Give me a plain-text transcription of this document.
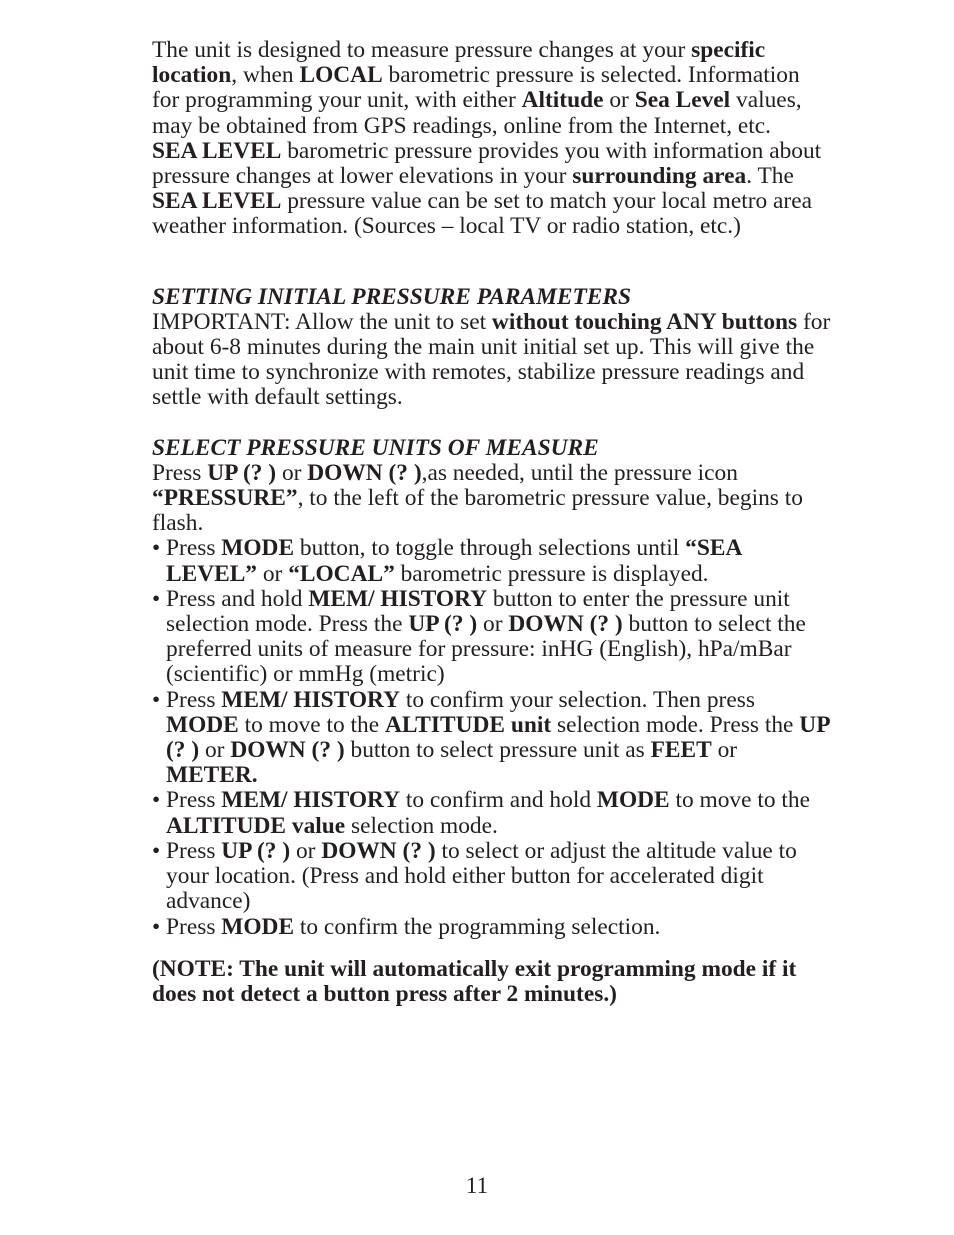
The unit is designed to measure pressure changes at your specific location, when LOCAL barometric pressure is selected. Information for programming your unit, with either Altitude or Sea Level values, may be obtained from GPS readings, online from the Internet, etc.

SEA LEVEL barometric pressure provides you with information about pressure changes at lower elevations in your surrounding area. The SEA LEVEL pressure value can be set to match your local metro area weather information. (Sources – local TV or radio station, etc.)

SETTING INITIAL PRESSURE PARAMETERS

IMPORTANT: Allow the unit to set without touching ANY buttons for about 6-8 minutes during the main unit initial set up. This will give the unit time to synchronize with remotes, stabilize pressure readings and settle with default settings.

SELECT PRESSURE UNITS OF MEASURE

Press UP (? ) or DOWN (? ),as needed, until the pressure icon “PRESSURE”, to the left of the barometric pressure value, begins to flash.

• Press MODE button, to toggle through selections until “SEA LEVEL” or “LOCAL” barometric pressure is displayed.

• Press and hold MEM/ HISTORY button to enter the pressure unit selection mode. Press the UP (? ) or DOWN (? ) button to select the preferred units of measure for pressure: inHG (English), hPa/mBar (scientific) or mmHg (metric)

• Press MEM/ HISTORY to confirm your selection. Then press MODE to move to the ALTITUDE unit selection mode. Press the UP (? ) or DOWN (? ) button to select pressure unit as FEET or METER.

• Press MEM/ HISTORY to confirm and hold MODE to move to the ALTITUDE value selection mode.

• Press UP (? ) or DOWN (? ) to select or adjust the altitude value to your location. (Press and hold either button for accelerated digit advance)

• Press MODE to confirm the programming selection.

(NOTE: The unit will automatically exit programming mode if it does not detect a button press after 2 minutes.)

11
